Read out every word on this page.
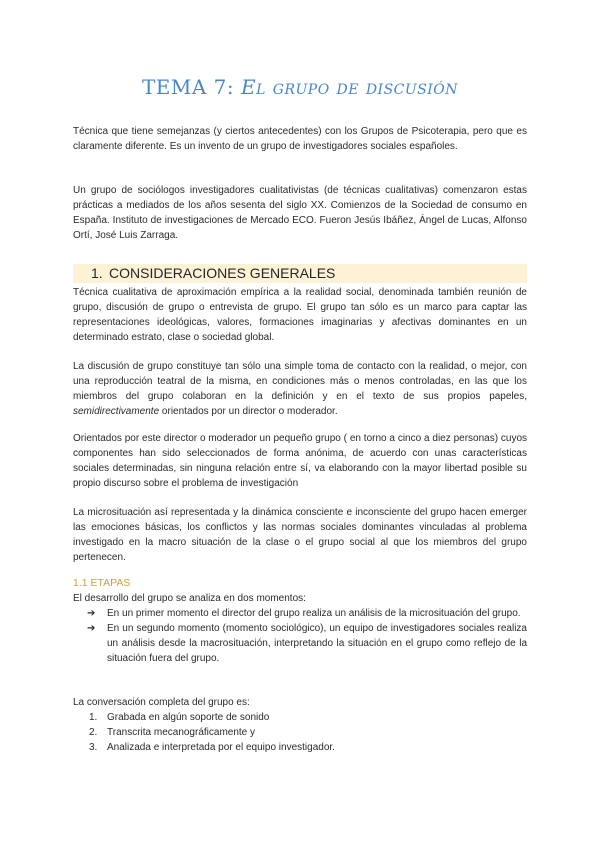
TEMA 7: El grupo de discusión

Técnica que tiene semejanzas (y ciertos antecedentes) con los Grupos de Psicoterapia, pero que es claramente diferente. Es un invento de un grupo de investigadores sociales españoles.

Un grupo de sociólogos investigadores cualitativistas (de técnicas cualitativas) comenzaron estas prácticas a mediados de los años sesenta del siglo XX. Comienzos de la Sociedad de consumo en España. Instituto de investigaciones de Mercado ECO. Fueron Jesús Ibáñez, Ángel de Lucas, Alfonso Ortí, José Luis Zarraga.

1. CONSIDERACIONES GENERALES

Técnica cualitativa de aproximación empírica a la realidad social, denominada también reunión de grupo, discusión de grupo o entrevista de grupo. El grupo tan sólo es un marco para captar las representaciones ideológicas, valores, formaciones imaginarias y afectivas dominantes en un determinado estrato, clase o sociedad global.

La discusión de grupo constituye tan sólo una simple toma de contacto con la realidad, o mejor, con una reproducción teatral de la misma, en condiciones más o menos controladas, en las que los miembros del grupo colaboran en la definición y en el texto de sus propios papeles, semidirectivamente orientados por un director o moderador.

Orientados por este director o moderador un pequeño grupo ( en torno a cinco a diez personas) cuyos componentes han sido seleccionados de forma anónima, de acuerdo con unas características sociales determinadas, sin ninguna relación entre sí, va elaborando con la mayor libertad posible su propio discurso sobre el problema de investigación

La microsituación así representada y la dinámica consciente e inconsciente del grupo hacen emerger las emociones básicas, los conflictos y las normas sociales dominantes vinculadas al problema investigado en la macro situación de la clase o el grupo social al que los miembros del grupo pertenecen.

1.1 ETAPAS

El desarrollo del grupo se analiza en dos momentos:

➔ En un primer momento el director del grupo realiza un análisis de la microsituación del grupo.
➔ En un segundo momento (momento sociológico), un equipo de investigadores sociales realiza un análisis desde la macrosituación, interpretando la situación en el grupo como reflejo de la situación fuera del grupo.

La conversación completa del grupo es:

1. Grabada en algún soporte de sonido
2. Transcrita mecanográficamente y
3. Analizada e interpretada por el equipo investigador.
